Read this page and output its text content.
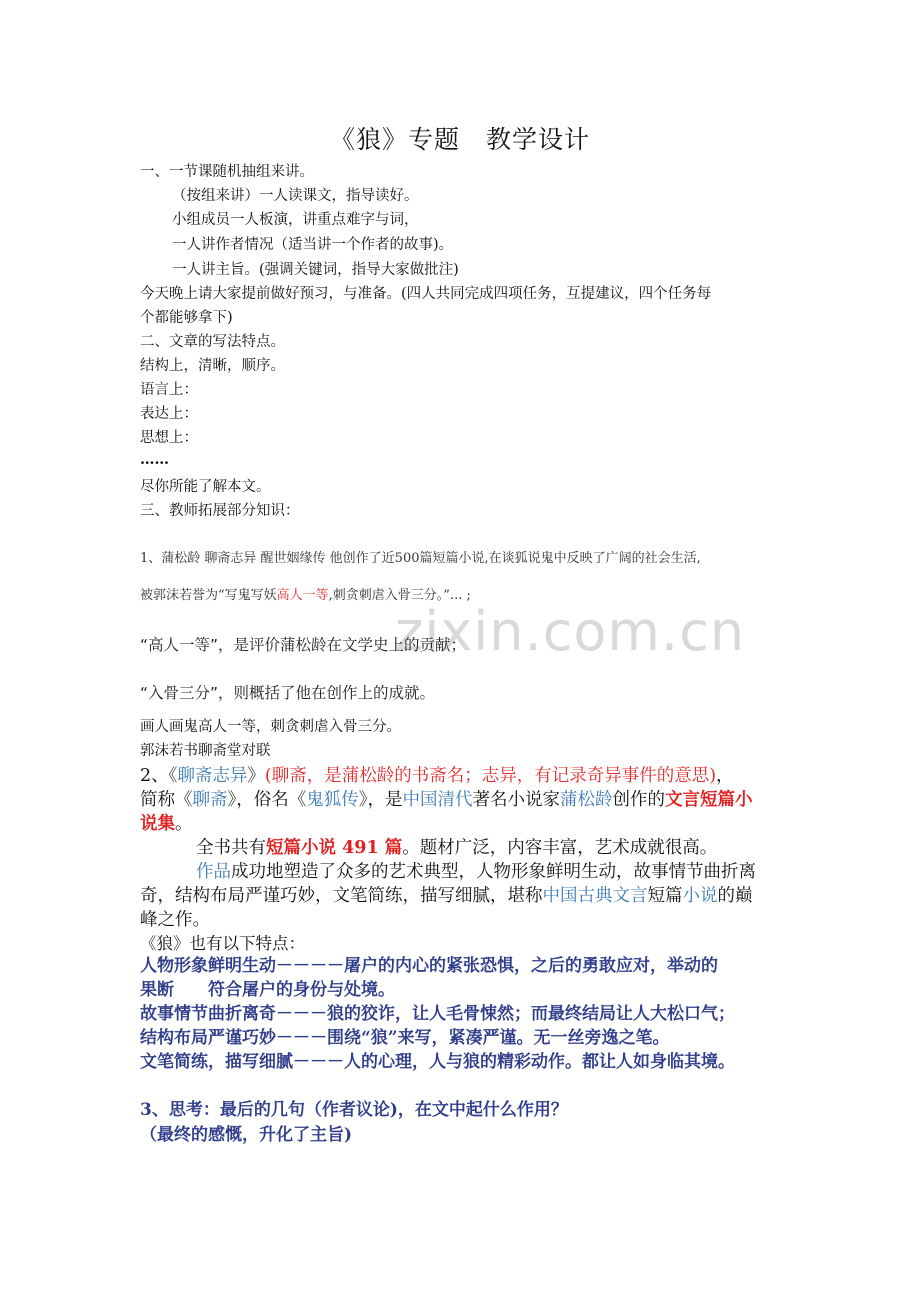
zixin.com.cn
《狼》专题　教学设计
一、一节课随机抽组来讲。
（按组来讲）一人读课文，指导读好。
小组成员一人板演，讲重点难字与词，
一人讲作者情况（适当讲一个作者的故事)。
一人讲主旨。(强调关键词，指导大家做批注)
今天晚上请大家提前做好预习，与准备。(四人共同完成四项任务，互提建议，四个任务每
个都能够拿下)
二、文章的写法特点。
结构上，清晰，顺序。
语言上：
表达上：
思想上：
……
尽你所能了解本文。
三、教师拓展部分知识：
1、蒲松龄 聊斋志异 醒世姻缘传 他创作了近500篇短篇小说,在谈狐说鬼中反映了广阔的社会生活,
被郭沫若誉为“写鬼写妖高人一等,刺贪刺虐入骨三分。”... ;
“高人一等”，是评价蒲松龄在文学史上的贡献；
“入骨三分”，则概括了他在创作上的成就。
画人画鬼高人一等，刺贪刺虐入骨三分。
郭沫若书聊斋堂对联
2、《聊斋志异》(聊斋，是蒲松龄的书斋名；志异，有记录奇异事件的意思)，
简称《聊斋》，俗名《鬼狐传》，是中国清代著名小说家蒲松龄创作的文言短篇小
说集。
全书共有短篇小说 491 篇。题材广泛，内容丰富，艺术成就很高。
作品成功地塑造了众多的艺术典型，人物形象鲜明生动，故事情节曲折离
奇，结构布局严谨巧妙，文笔简练，描写细腻，堪称中国古典文言短篇小说的巅
峰之作。
《狼》也有以下特点：
人物形象鲜明生动－－－－屠户的内心的紧张恐惧，之后的勇敢应对，举动的
果断　　符合屠户的身份与处境。
故事情节曲折离奇－－－狼的狡诈，让人毛骨悚然；而最终结局让人大松口气；
结构布局严谨巧妙－－－围绕“狼”来写，紧凑严谨。无一丝旁逸之笔。
文笔简练，描写细腻－－－人的心理，人与狼的精彩动作。都让人如身临其境。
3、思考：最后的几句（作者议论)，在文中起什么作用？
（最终的感慨，升化了主旨)
